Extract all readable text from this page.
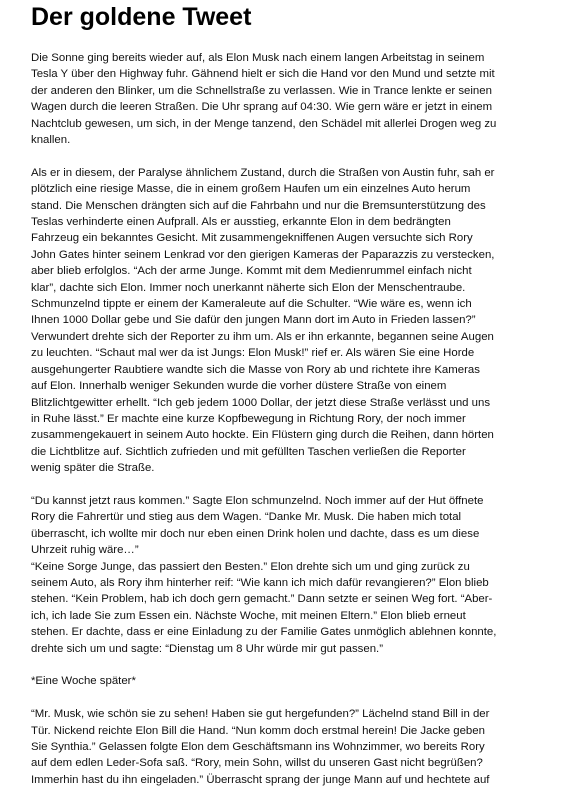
Der goldene Tweet
Die Sonne ging bereits wieder auf, als Elon Musk nach einem langen Arbeitstag in seinem
Tesla Y über den Highway fuhr. Gähnend hielt er sich die Hand vor den Mund und setzte mit
der anderen den Blinker, um die Schnellstraße zu verlassen. Wie in Trance lenkte er seinen
Wagen durch die leeren Straßen. Die Uhr sprang auf 04:30. Wie gern wäre er jetzt in einem
Nachtclub gewesen, um sich, in der Menge tanzend, den Schädel mit allerlei Drogen weg zu
knallen.
Als er in diesem, der Paralyse ähnlichem Zustand, durch die Straßen von Austin fuhr, sah er
plötzlich eine riesige Masse, die in einem großem Haufen um ein einzelnes Auto herum
stand. Die Menschen drängten sich auf die Fahrbahn und nur die Bremsunterstützung des
Teslas verhinderte einen Aufprall. Als er ausstieg, erkannte Elon in dem bedrängten
Fahrzeug ein bekanntes Gesicht. Mit zusammengekniffenen Augen versuchte sich Rory
John Gates hinter seinem Lenkrad vor den gierigen Kameras der Paparazzis zu verstecken,
aber blieb erfolglos. “Ach der arme Junge. Kommt mit dem Medienrummel einfach nicht
klar”, dachte sich Elon. Immer noch unerkannt näherte sich Elon der Menschentraube.
Schmunzelnd tippte er einem der Kameraleute auf die Schulter. “Wie wäre es, wenn ich
Ihnen 1000 Dollar gebe und Sie dafür den jungen Mann dort im Auto in Frieden lassen?”
Verwundert drehte sich der Reporter zu ihm um. Als er ihn erkannte, begannen seine Augen
zu leuchten. “Schaut mal wer da ist Jungs: Elon Musk!” rief er. Als wären Sie eine Horde
ausgehungerter Raubtiere wandte sich die Masse von Rory ab und richtete ihre Kameras
auf Elon. Innerhalb weniger Sekunden wurde die vorher düstere Straße von einem
Blitzlichtgewitter erhellt. “Ich geb jedem 1000 Dollar, der jetzt diese Straße verlässt und uns
in Ruhe lässt.” Er machte eine kurze Kopfbewegung in Richtung Rory, der noch immer
zusammengekauert in seinem Auto hockte. Ein Flüstern ging durch die Reihen, dann hörten
die Lichtblitze auf. Sichtlich zufrieden und mit gefüllten Taschen verließen die Reporter
wenig später die Straße.
“Du kannst jetzt raus kommen.” Sagte Elon schmunzelnd. Noch immer auf der Hut öffnete
Rory die Fahrertür und stieg aus dem Wagen. “Danke Mr. Musk. Die haben mich total
überrascht, ich wollte mir doch nur eben einen Drink holen und dachte, dass es um diese
Uhrzeit ruhig wäre…”
“Keine Sorge Junge, das passiert den Besten.” Elon drehte sich um und ging zurück zu
seinem Auto, als Rory ihm hinterher reif: “Wie kann ich mich dafür revangieren?” Elon blieb
stehen. “Kein Problem, hab ich doch gern gemacht.” Dann setzte er seinen Weg fort. “Aber-
ich, ich lade Sie zum Essen ein. Nächste Woche, mit meinen Eltern.” Elon blieb erneut
stehen. Er dachte, dass er eine Einladung zu der Familie Gates unmöglich ablehnen konnte,
drehte sich um und sagte: “Dienstag um 8 Uhr würde mir gut passen.”
*Eine Woche später*
“Mr. Musk, wie schön sie zu sehen! Haben sie gut hergefunden?” Lächelnd stand Bill in der
Tür. Nickend reichte Elon Bill die Hand. “Nun komm doch erstmal herein! Die Jacke geben
Sie Synthia.” Gelassen folgte Elon dem Geschäftsmann ins Wohnzimmer, wo bereits Rory
auf dem edlen Leder-Sofa saß. “Rory, mein Sohn, willst du unseren Gast nicht begrüßen?
Immerhin hast du ihn eingeladen.” Überrascht sprang der junge Mann auf und hechtete auf
